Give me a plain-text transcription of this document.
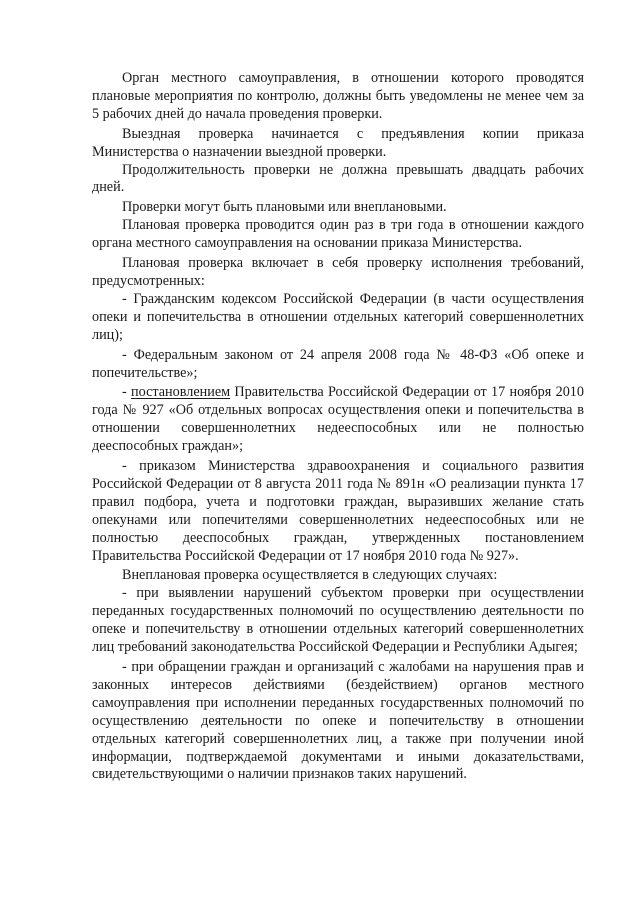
Орган местного самоуправления, в отношении которого проводятся плановые мероприятия по контролю, должны быть уведомлены не менее чем за 5 рабочих дней до начала проведения проверки.

Выездная проверка начинается с предъявления копии приказа Министерства о назначении выездной проверки.

Продолжительность проверки не должна превышать двадцать рабочих дней.

Проверки могут быть плановыми или внеплановыми.

Плановая проверка проводится один раз в три года в отношении каждого органа местного самоуправления на основании приказа Министерства.

Плановая проверка включает в себя проверку исполнения требований, предусмотренных:

- Гражданским кодексом Российской Федерации (в части осуществления опеки и попечительства в отношении отдельных категорий совершеннолетних лиц);

- Федеральным законом от 24 апреля 2008 года № 48-ФЗ «Об опеке и попечительстве»;

- постановлением Правительства Российской Федерации от 17 ноября 2010 года № 927 «Об отдельных вопросах осуществления опеки и попечительства в отношении совершеннолетних недееспособных или не полностью дееспособных граждан»;

- приказом Министерства здравоохранения и социального развития Российской Федерации от 8 августа 2011 года № 891н «О реализации пункта 17 правил подбора, учета и подготовки граждан, выразивших желание стать опекунами или попечителями совершеннолетних недееспособных или не полностью дееспособных граждан, утвержденных постановлением Правительства Российской Федерации от 17 ноября 2010 года № 927».

Внеплановая проверка осуществляется в следующих случаях:

- при выявлении нарушений субъектом проверки при осуществлении переданных государственных полномочий по осуществлению деятельности по опеке и попечительству в отношении отдельных категорий совершеннолетних лиц требований законодательства Российской Федерации и Республики Адыгея;

- при обращении граждан и организаций с жалобами на нарушения прав и законных интересов действиями (бездействием) органов местного самоуправления при исполнении переданных государственных полномочий по осуществлению деятельности по опеке и попечительству в отношении отдельных категорий совершеннолетних лиц, а также при получении иной информации, подтверждаемой документами и иными доказательствами, свидетельствующими о наличии признаков таких нарушений.
